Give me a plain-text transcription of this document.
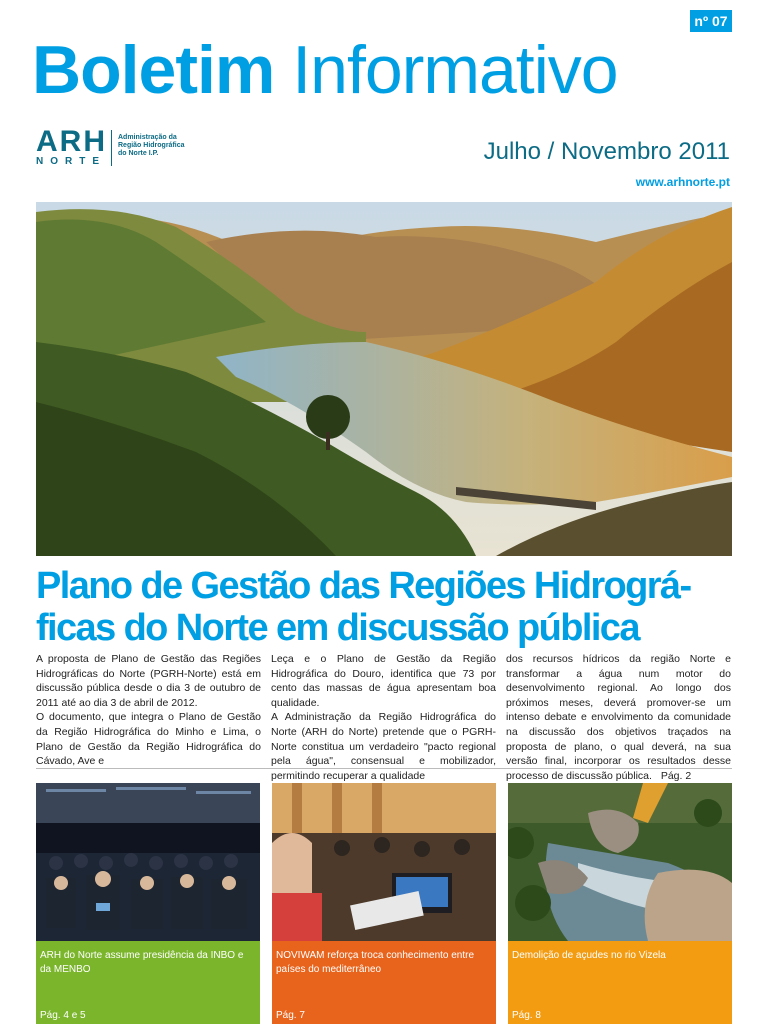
nº 07
Boletim Informativo
ARH
NORTE
Administração da
Região Hidrográfica
do Norte I.P.	Julho / Novembro 2011
www.arhnorte.pt
Plano de Gestão das Regiões Hidrográ-ficas do Norte em discussão pública

A proposta de Plano de Gestão das Regiões Hidrográficas do Norte (PGRH-Norte) está em discussão pública desde o dia 3 de outubro de 2011 até ao dia 3 de abril de 2012.

O documento, que integra o Plano de Gestão da Região Hidrográfica do Minho e Lima, o Plano de Gestão da Região Hidrográfica do Cávado, Ave e

Leça e o Plano de Gestão da Região Hidrográfica do Douro, identifica que 73 por cento das massas de água apresentam boa qualidade.

A Administração da Região Hidrográfica do Norte (ARH do Norte) pretende que o PGRH-Norte constitua um verdadeiro "pacto regional pela água", consensual e mobilizador, permitindo recuperar a qualidade

dos recursos hídricos da região Norte e transformar a água num motor do desenvolvimento regional. Ao longo dos próximos meses, deverá promover-se um intenso debate e envolvimento da comunidade na discussão dos objetivos traçados na proposta de plano, o qual deverá, na sua versão final, incorporar os resultados desse processo de discussão pública. Pág. 2

ARH do Norte assume presidência da INBO e da MENBO
Pág. 4 e 5
NOVIWAM reforça troca conhecimento entre países do mediterrâneo
Pág. 7
Demolição de açudes no rio Vizela
Pág. 8
